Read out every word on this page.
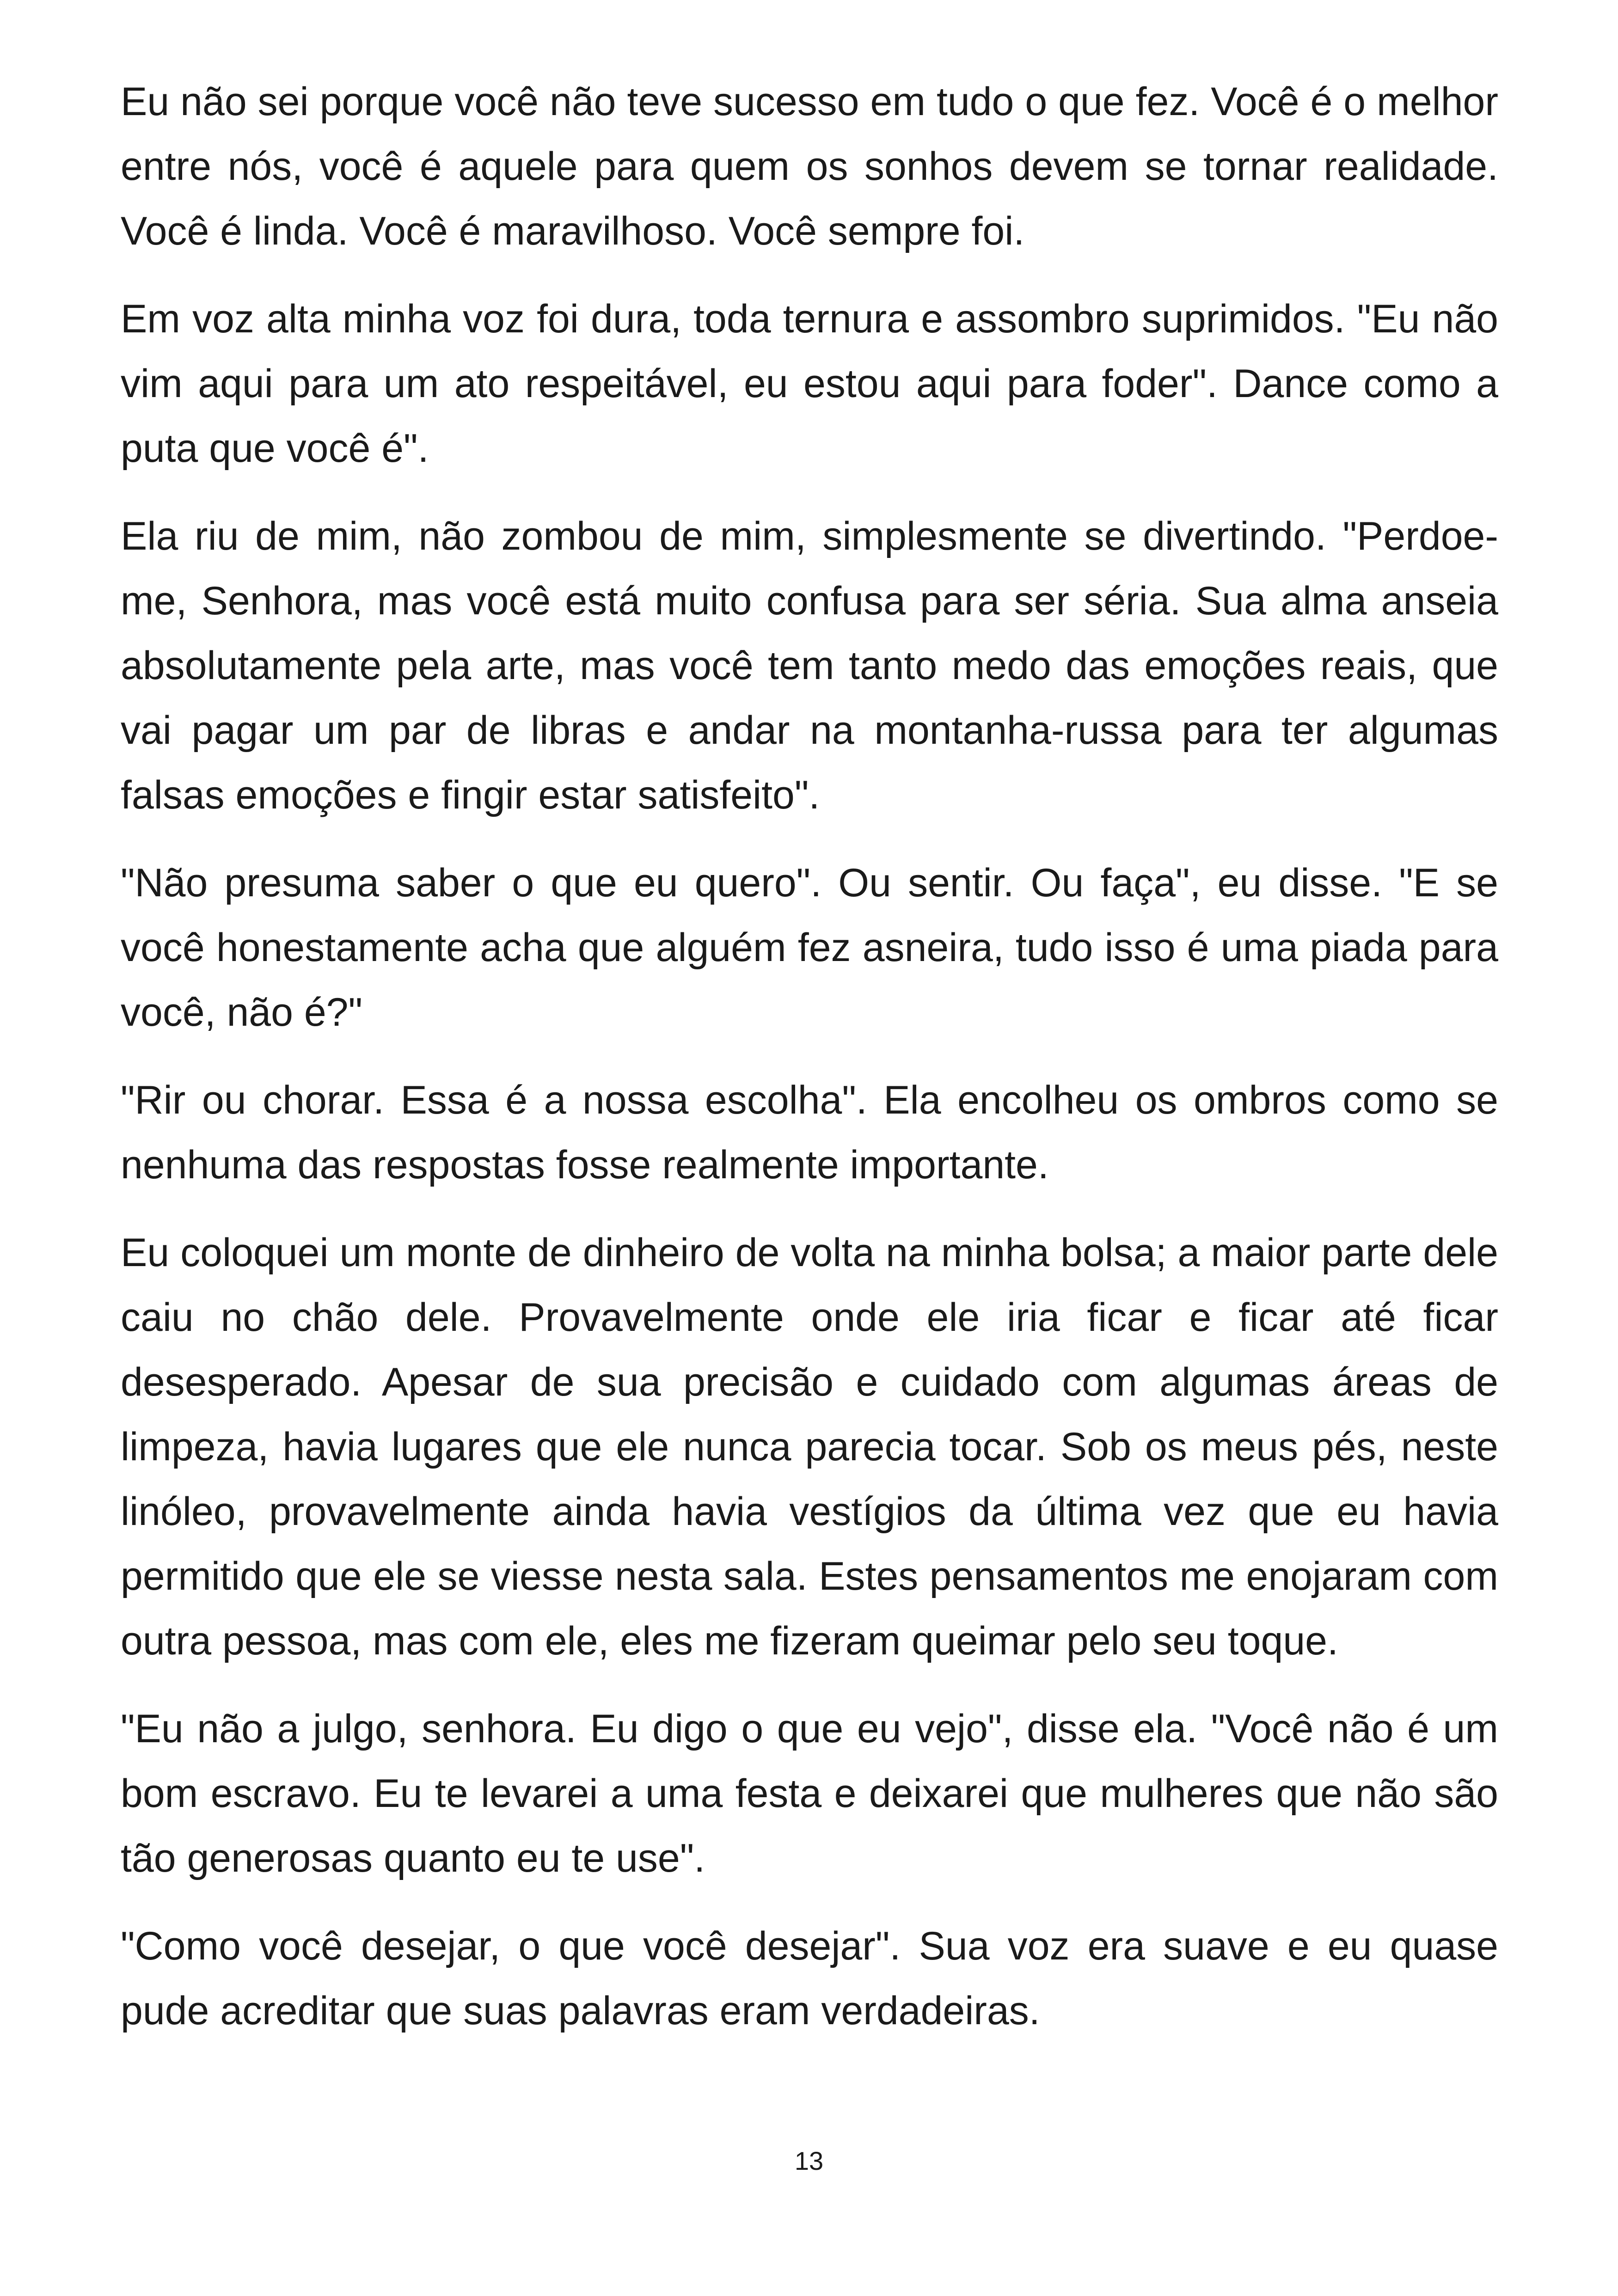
Eu não sei porque você não teve sucesso em tudo o que fez. Você é o melhor entre nós, você é aquele para quem os sonhos devem se tornar realidade. Você é linda. Você é maravilhoso. Você sempre foi.

Em voz alta minha voz foi dura, toda ternura e assombro suprimidos. "Eu não vim aqui para um ato respeitável, eu estou aqui para foder". Dance como a puta que você é".

Ela riu de mim, não zombou de mim, simplesmente se divertindo. "Perdoe-me, Senhora, mas você está muito confusa para ser séria. Sua alma anseia absolutamente pela arte, mas você tem tanto medo das emoções reais, que vai pagar um par de libras e andar na montanha-russa para ter algumas falsas emoções e fingir estar satisfeito".

"Não presuma saber o que eu quero". Ou sentir. Ou faça", eu disse. "E se você honestamente acha que alguém fez asneira, tudo isso é uma piada para você, não é?"

"Rir ou chorar. Essa é a nossa escolha". Ela encolheu os ombros como se nenhuma das respostas fosse realmente importante.

Eu coloquei um monte de dinheiro de volta na minha bolsa; a maior parte dele caiu no chão dele. Provavelmente onde ele iria ficar e ficar até ficar desesperado. Apesar de sua precisão e cuidado com algumas áreas de limpeza, havia lugares que ele nunca parecia tocar. Sob os meus pés, neste linóleo, provavelmente ainda havia vestígios da última vez que eu havia permitido que ele se viesse nesta sala. Estes pensamentos me enojaram com outra pessoa, mas com ele, eles me fizeram queimar pelo seu toque.

"Eu não a julgo, senhora. Eu digo o que eu vejo", disse ela. "Você não é um bom escravo. Eu te levarei a uma festa e deixarei que mulheres que não são tão generosas quanto eu te use".

"Como você desejar, o que você desejar". Sua voz era suave e eu quase pude acreditar que suas palavras eram verdadeiras.

13
